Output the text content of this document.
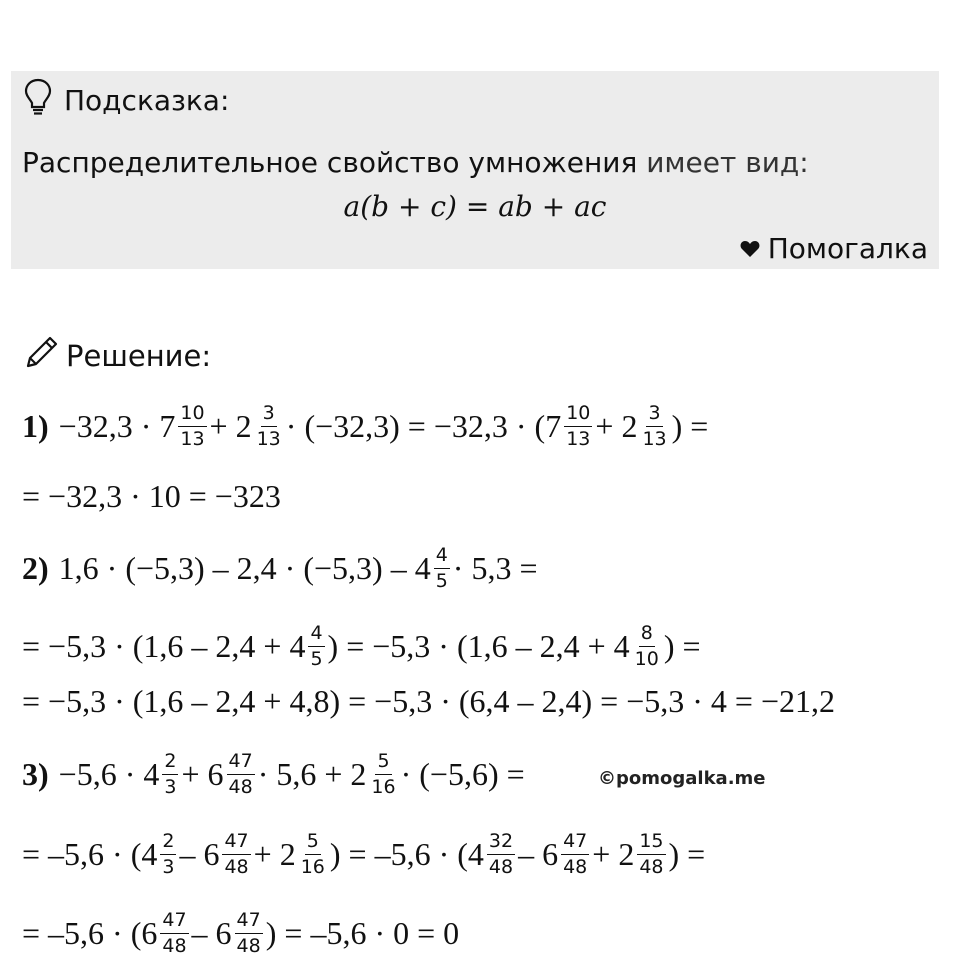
Подсказка:
Распределительное свойство умножения имеет вид:
a(b + c) = ab + ac
Помогалка
Решение:
$1) -32,3 \cdot 7 \frac{10}{13} + 2 \frac{3}{13} \cdot (-32,3) = -32,3 \cdot (7 \frac{10}{13} + 2 \frac{3}{13}$ ) =
= −32,3 · 10 = −323
2) $1,6 \cdot (-5,3) - 2,4 \cdot (-5,3) - 4 \frac{4}{5} \cdot 5,3$ =
= $-5,3 \cdot (1,6 - 2,4 + 4 \frac{4}{5}$ ) = $-5,3 \cdot (1,6 - 2,4 + 4 \frac{8}{10}$ ) =
= −5,3 · (1,6 – 2,4 + 4,8) = −5,3 · (6,4 – 2,4) = −5,3 · 4 = −21,2
$3) -5,6 \cdot 4 \frac{2}{3} + 6 \frac{47}{48} \cdot 5,6 + 2 \frac{5}{16} \cdot (-5,6)$ =	©pomogalka.me
= $-5,6 \cdot (4 \frac{2}{3} - 6 \frac{47}{48} + 2 \frac{5}{16}$ ) = $-5,6 \cdot (4 \frac{32}{48} - 6 \frac{47}{48} + 2 \frac{15}{48}$ ) =
= $-5,6 \cdot (6 \frac{47}{48} - 6 \frac{47}{48}$ ) = –5,6 · 0 = 0
